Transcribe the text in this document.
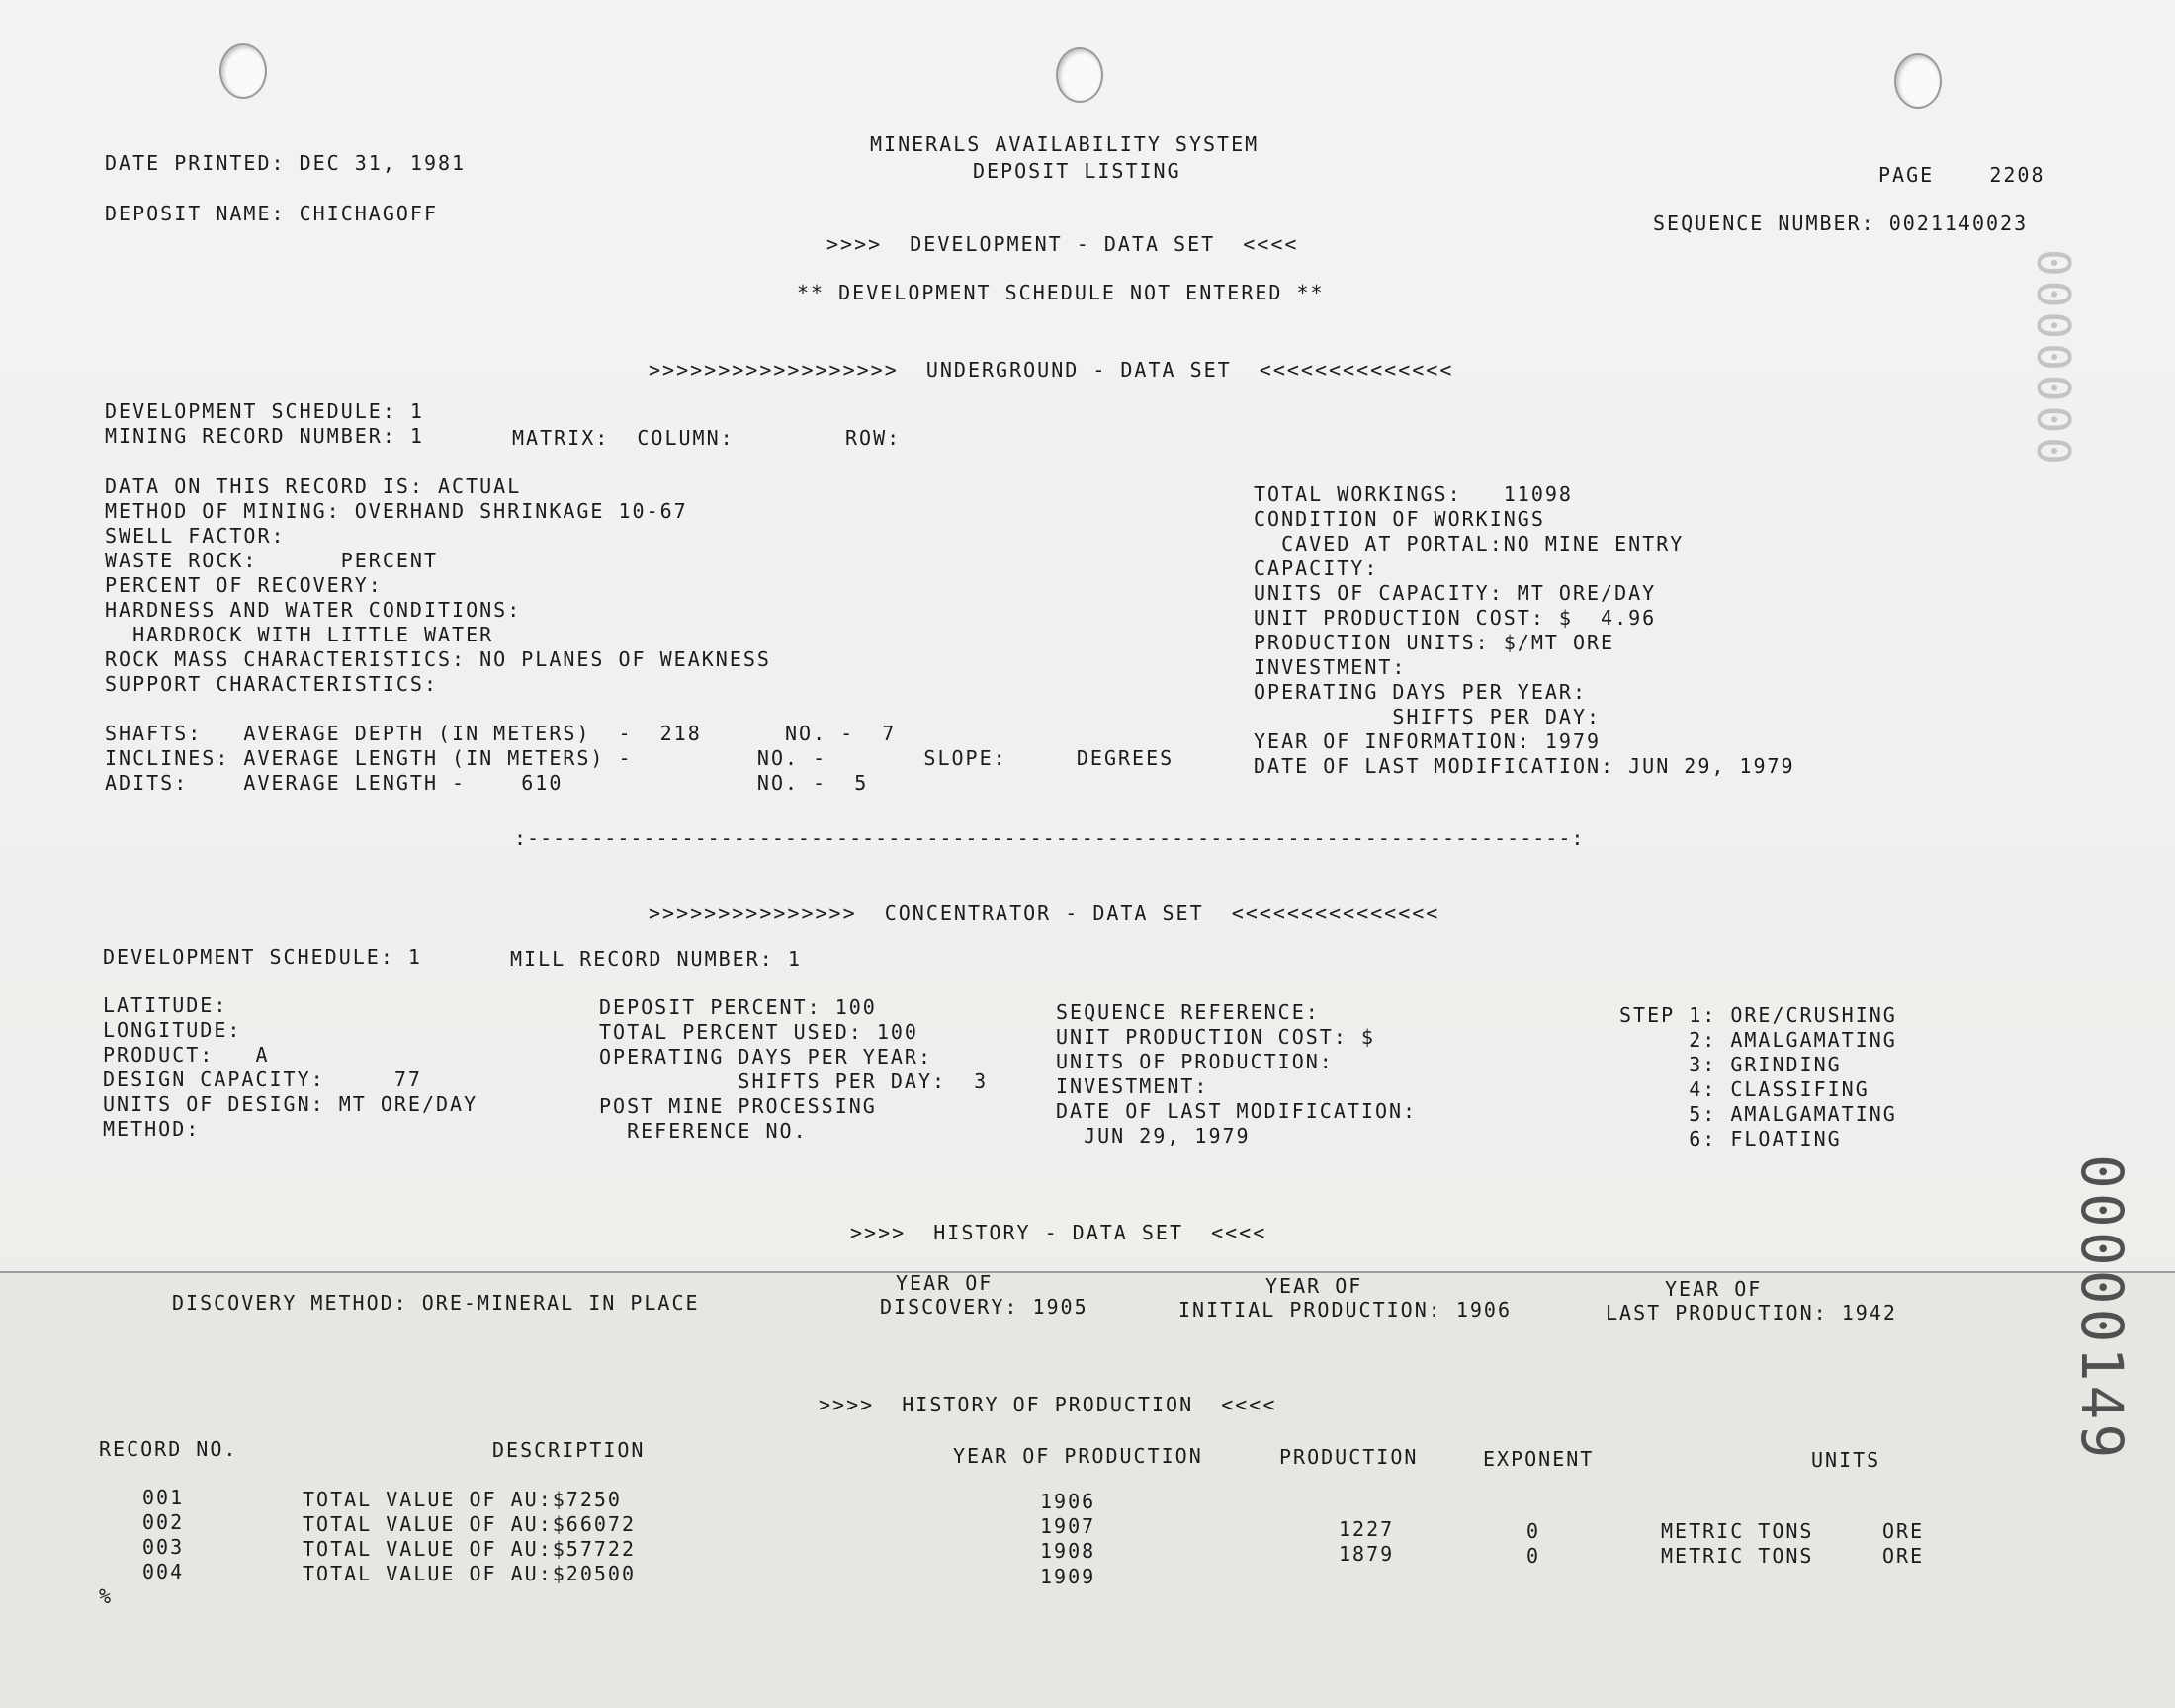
DATE PRINTED: DEC 31, 1981
MINERALS AVAILABILITY SYSTEM
DEPOSIT LISTING	PAGE    2208
DEPOSIT NAME: CHICHAGOFF	SEQUENCE NUMBER: 0021140023
>>>>  DEVELOPMENT - DATA SET  <<<<
** DEVELOPMENT SCHEDULE NOT ENTERED **
>>>>>>>>>>>>>>>>>>  UNDERGROUND - DATA SET  <<<<<<<<<<<<<<
DEVELOPMENT SCHEDULE: 1
MINING RECORD NUMBER: 1	MATRIX:  COLUMN:        ROW:
DATA ON THIS RECORD IS: ACTUAL
METHOD OF MINING: OVERHAND SHRINKAGE 10-67
SWELL FACTOR:
WASTE ROCK:      PERCENT
PERCENT OF RECOVERY:
HARDNESS AND WATER CONDITIONS:
HARDROCK WITH LITTLE WATER
ROCK MASS CHARACTERISTICS: NO PLANES OF WEAKNESS
SUPPORT CHARACTERISTICS:
TOTAL WORKINGS:   11098
CONDITION OF WORKINGS
CAVED AT PORTAL:NO MINE ENTRY
CAPACITY:
UNITS OF CAPACITY: MT ORE/DAY
UNIT PRODUCTION COST: $  4.96
PRODUCTION UNITS: $/MT ORE
INVESTMENT:
OPERATING DAYS PER YEAR:
SHIFTS PER DAY:
YEAR OF INFORMATION: 1979
DATE OF LAST MODIFICATION: JUN 29, 1979
SHAFTS:   AVERAGE DEPTH (IN METERS)  -  218      NO. -  7
INCLINES: AVERAGE LENGTH (IN METERS) -         NO. -       SLOPE:     DEGREES
ADITS:    AVERAGE LENGTH -    610              NO. -  5
:---------------------------------------------------------------------------------:
>>>>>>>>>>>>>>>  CONCENTRATOR - DATA SET  <<<<<<<<<<<<<<<
DEVELOPMENT SCHEDULE: 1	MILL RECORD NUMBER: 1
LATITUDE:
LONGITUDE:
PRODUCT:   A
DESIGN CAPACITY:     77
UNITS OF DESIGN: MT ORE/DAY
METHOD:
DEPOSIT PERCENT: 100
TOTAL PERCENT USED: 100
OPERATING DAYS PER YEAR:
SHIFTS PER DAY:  3
POST MINE PROCESSING
REFERENCE NO.
SEQUENCE REFERENCE:
UNIT PRODUCTION COST: $
UNITS OF PRODUCTION:
INVESTMENT:
DATE OF LAST MODIFICATION:
JUN 29, 1979
STEP 1: ORE/CRUSHING
2: AMALGAMATING
3: GRINDING
4: CLASSIFING
5: AMALGAMATING
6: FLOATING
>>>>  HISTORY - DATA SET  <<<<
YEAR OF	YEAR OF	YEAR OF
DISCOVERY METHOD: ORE-MINERAL IN PLACE	DISCOVERY: 1905	INITIAL PRODUCTION: 1906	LAST PRODUCTION: 1942
>>>>  HISTORY OF PRODUCTION  <<<<
RECORD NO.	DESCRIPTION	YEAR OF PRODUCTION	PRODUCTION	EXPONENT	UNITS
001	TOTAL VALUE OF AU:$7250	1906
002	TOTAL VALUE OF AU:$66072	1907	1227	0	METRIC TONS	ORE
003	TOTAL VALUE OF AU:$57722	1908	1879	0	METRIC TONS	ORE
004	TOTAL VALUE OF AU:$20500	1909
%
0000000
00000149
